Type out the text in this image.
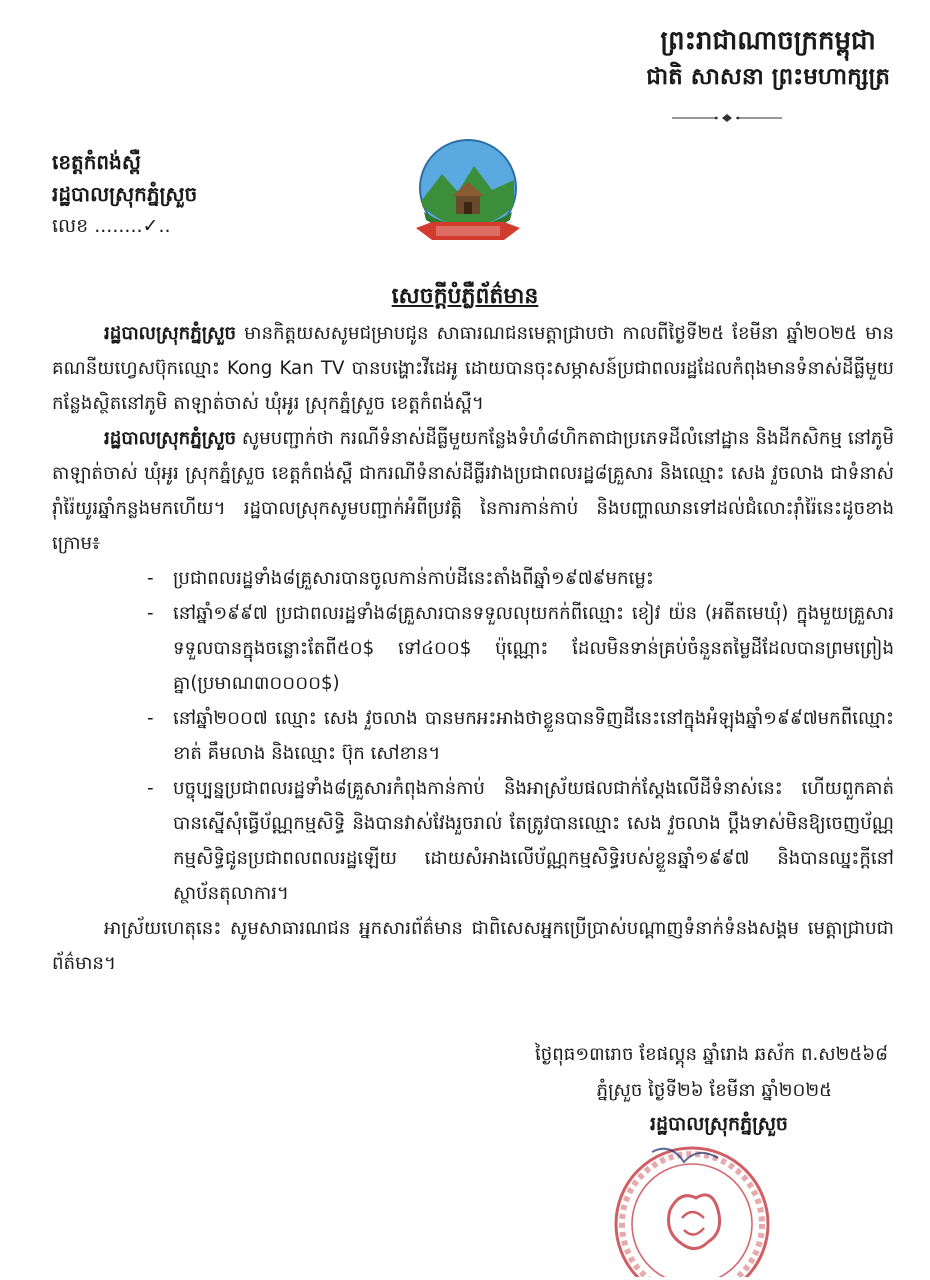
ព្រះរាជាណាចក្រកម្ពុជា
ជាតិ សាសនា ព្រះមហាក្សត្រ
ខេត្តកំពង់ស្ពឺ
រដ្ឋបាលស្រុកភ្នំស្រួច
លេខ ........✓..
សេចក្តីបំភ្លឺព័ត៌មាន

រដ្ឋបាលស្រុកភ្នំស្រួច មានកិត្តយសសូមជម្រាបជូន សាធារណជនមេត្តាជ្រាបថា កាលពីថ្ងៃទី២៥ ខែមីនា ឆ្នាំ២០២៥ មានគណនីយហ្វេសប៊ុកឈ្មោះ Kong Kan TV បានបង្ហោះវីដេអូ ដោយបានចុះសម្ភាសន៍ប្រជាពលរដ្ឋដែលកំពុងមានទំនាស់ដីធ្លីមួយកន្លែងស្ថិតនៅភូមិ តាឡាត់ចាស់ ឃុំអូរ ស្រុកភ្នំស្រួច ខេត្តកំពង់ស្ពឺ។

រដ្ឋបាលស្រុកភ្នំស្រួច សូមបញ្ជាក់ថា ករណីទំនាស់ដីធ្លីមួយកន្លែងទំហំ៨ហិកតាជាប្រភេទដីលំនៅដ្ឋាន និងដីកសិកម្ម នៅភូមិតាឡាត់ចាស់ ឃុំអូរ ស្រុកភ្នំស្រួច ខេត្តកំពង់ស្ពឺ ជាករណីទំនាស់ដីធ្លីរវាងប្រជាពលរដ្ឋ៨គ្រួសារ និងឈ្មោះ សេង វួចលាង ជាទំនាស់រ៉ាំរ៉ៃយូរឆ្នាំកន្លងមកហើយ។ រដ្ឋបាលស្រុកសូមបញ្ជាក់អំពីប្រវត្តិ នៃការកាន់កាប់ និងបញ្ហាឈានទៅដល់ជំលោះរ៉ាំរ៉ៃនេះដូចខាងក្រោម៖

- ប្រជាពលរដ្ឋទាំង៨គ្រួសារបានចូលកាន់កាប់ដីនេះតាំងពីឆ្នាំ១៩៧៩មកម្លេះ
- នៅឆ្នាំ១៩៩៧ ប្រជាពលរដ្ឋទាំង៨គ្រួសារបានទទួលលុយកក់ពីឈ្មោះ ខៀវ យ៉ន (អតីតមេឃុំ) ក្នុងមួយគ្រួសារទទួលបានក្នុងចន្លោះតែពី៥០$ ទៅ៤០០$ ប៉ុណ្ណោះ ដែលមិនទាន់គ្រប់ចំនួនតម្លៃដីដែលបានព្រមព្រៀងគ្នា(ប្រមាណ៣០០០០$)
- នៅឆ្នាំ២០០៧ ឈ្មោះ សេង វួចលាង បានមកអះអាងថាខ្លួនបានទិញដីនេះនៅក្នុងអំឡុងឆ្នាំ១៩៩៧មកពីឈ្មោះ ខាត់ គឹមលាង និងឈ្មោះ ប៊ុក សៅខាន។
- បច្ចុប្បន្នប្រជាពលរដ្ឋទាំង៨គ្រួសារកំពុងកាន់កាប់ និងអាស្រ័យផលជាក់ស្តែងលើដីទំនាស់នេះ ហើយពួកគាត់បានស្នើសុំធ្វើប័ណ្ណកម្មសិទ្ធិ និងបានវាស់វែងរួចរាល់ តែត្រូវបានឈ្មោះ សេង វួចលាង ប្តឹងទាស់មិនឱ្យចេញប័ណ្ណកម្មសិទ្ធិជូនប្រជាពលពលរដ្ឋឡើយ ដោយសំអាងលើប័ណ្ណកម្មសិទ្ធិរបស់ខ្លួនឆ្នាំ១៩៩៧ និងបានឈ្នះក្តីនៅស្ថាប័នតុលាការ។

អាស្រ័យហេតុនេះ សូមសាធារណជន អ្នកសារព័ត៌មាន ជាពិសេសអ្នកប្រើប្រាស់បណ្តាញទំនាក់ទំនងសង្គម មេត្តាជ្រាបជាព័ត៌មាន។

ថ្ងៃពុធ១៣រោច ខែផល្គុន ឆ្នាំរោង ឆស័ក ព.ស២៥៦៨
ភ្នំស្រួច ថ្ងៃទី២៦ ខែមីនា ឆ្នាំ២០២៥
រដ្ឋបាលស្រុកភ្នំស្រួច
